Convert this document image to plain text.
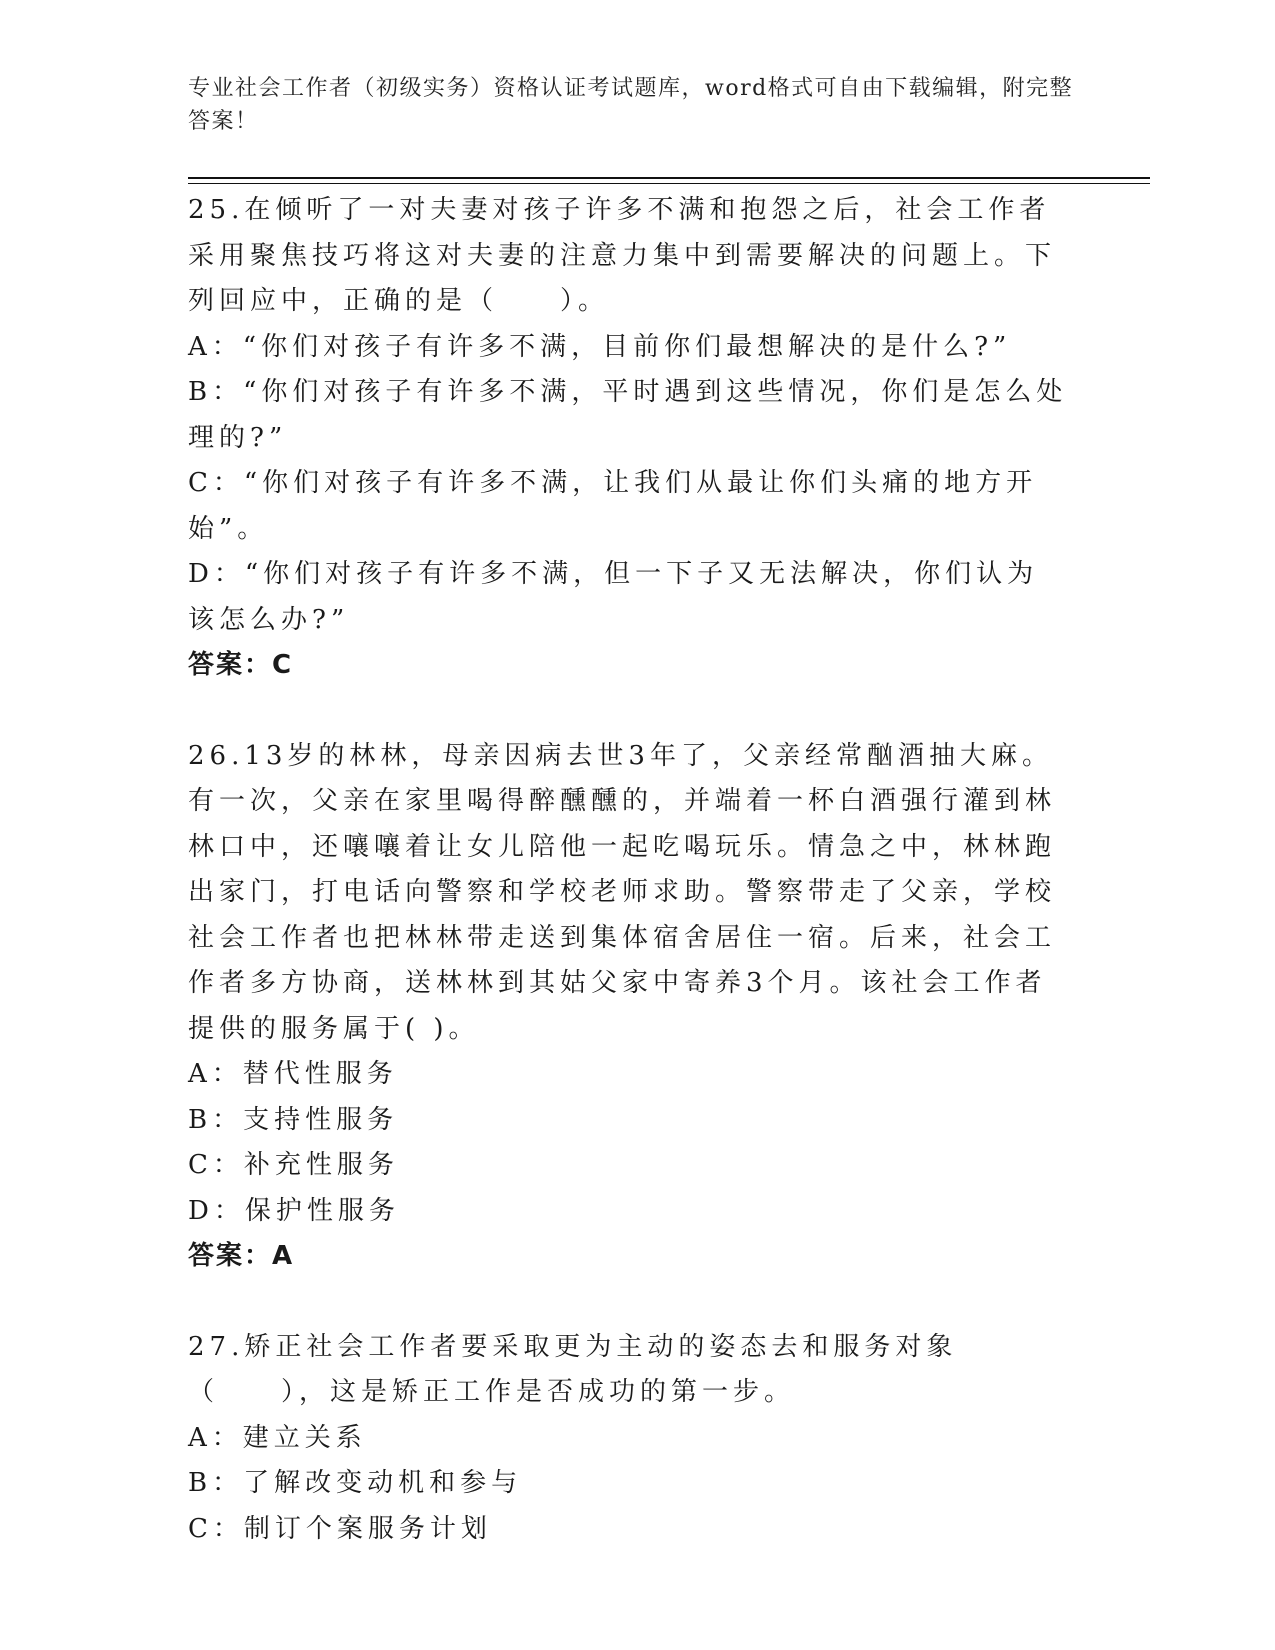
专业社会工作者（初级实务）资格认证考试题库，word格式可自由下载编辑，附完整答案！

25.在倾听了一对夫妻对孩子许多不满和抱怨之后，社会工作者采用聚焦技巧将这对夫妻的注意力集中到需要解决的问题上。下列回应中，正确的是（　　）。

A：“你们对孩子有许多不满，目前你们最想解决的是什么?”

B：“你们对孩子有许多不满，平时遇到这些情况，你们是怎么处理的?”

C：“你们对孩子有许多不满，让我们从最让你们头痛的地方开始”。

D：“你们对孩子有许多不满，但一下子又无法解决，你们认为该怎么办?”

答案：C

26.13岁的林林，母亲因病去世3年了，父亲经常酗酒抽大麻。有一次，父亲在家里喝得醉醺醺的，并端着一杯白酒强行灌到林林口中，还嚷嚷着让女儿陪他一起吃喝玩乐。情急之中，林林跑出家门，打电话向警察和学校老师求助。警察带走了父亲，学校社会工作者也把林林带走送到集体宿舍居住一宿。后来，社会工作者多方协商，送林林到其姑父家中寄养3个月。该社会工作者提供的服务属于( )。

A：替代性服务

B：支持性服务

C：补充性服务

D：保护性服务

答案：A

27.矫正社会工作者要采取更为主动的姿态去和服务对象（　　），这是矫正工作是否成功的第一步。

A：建立关系

B：了解改变动机和参与

C：制订个案服务计划
